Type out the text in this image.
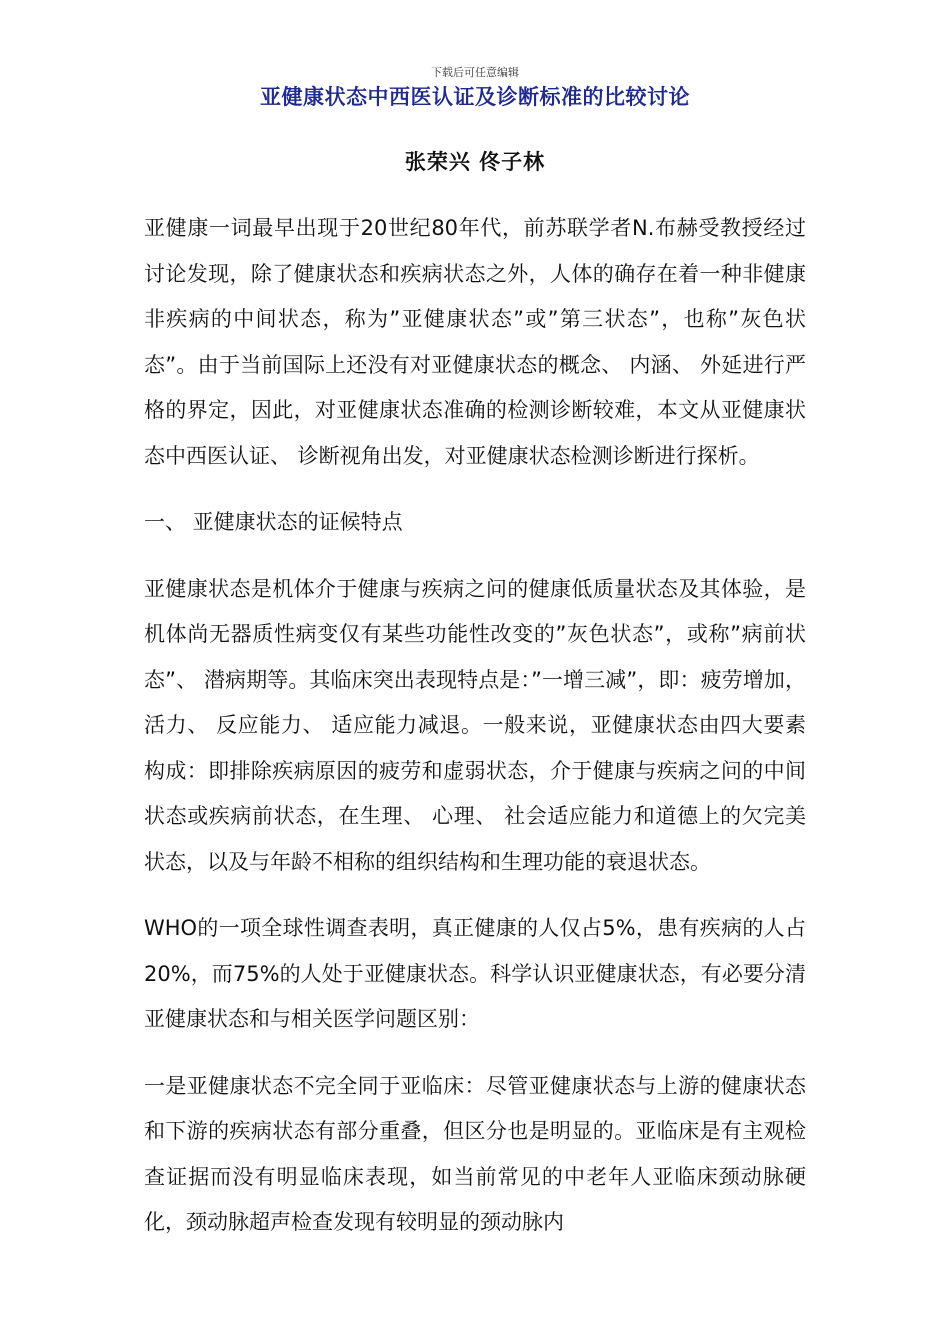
下载后可任意编辑
亚健康状态中西医认证及诊断标准的比较讨论
张荣兴 佟子林

亚健康一词最早出现于20世纪80年代，前苏联学者N.布赫受教授经过讨论发现，除了健康状态和疾病状态之外，人体的确存在着一种非健康非疾病的中间状态，称为”亚健康状态”或”第三状态”，也称”灰色状态”。由于当前国际上还没有对亚健康状态的概念、 内涵、 外延进行严格的界定，因此，对亚健康状态准确的检测诊断较难，本文从亚健康状态中西医认证、 诊断视角出发，对亚健康状态检测诊断进行探析。

一、 亚健康状态的证候特点

亚健康状态是机体介于健康与疾病之问的健康低质量状态及其体验，是机体尚无器质性病变仅有某些功能性改变的”灰色状态”，或称”病前状态”、 潜病期等。其临床突出表现特点是：”一增三减”，即：疲劳增加，活力、 反应能力、 适应能力减退。一般来说，亚健康状态由四大要素构成：即排除疾病原因的疲劳和虚弱状态，介于健康与疾病之问的中间状态或疾病前状态，在生理、 心理、 社会适应能力和道德上的欠完美状态，以及与年龄不相称的组织结构和生理功能的衰退状态。

WHO的一项全球性调查表明，真正健康的人仅占5%，患有疾病的人占20%，而75%的人处于亚健康状态。科学认识亚健康状态，有必要分清亚健康状态和与相关医学问题区别：

一是亚健康状态不完全同于亚临床：尽管亚健康状态与上游的健康状态和下游的疾病状态有部分重叠，但区分也是明显的。亚临床是有主观检查证据而没有明显临床表现，如当前常见的中老年人亚临床颈动脉硬化，颈动脉超声检查发现有较明显的颈动脉内
